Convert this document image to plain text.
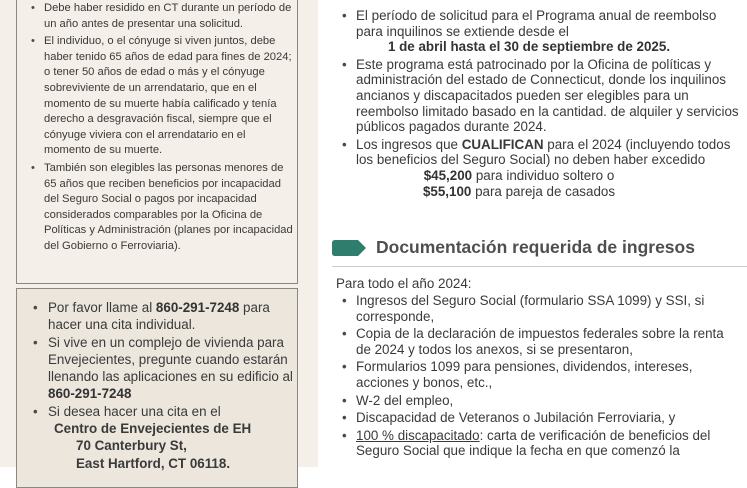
• Debe haber residido en CT durante un período de un año antes de presentar una solicitud.
• El individuo, o el cónyuge si viven juntos, debe haber tenido 65 años de edad para fines de 2024; o tener 50 años de edad o más y el cónyuge sobreviviente de un arrendatario, que en el momento de su muerte había calificado y tenía derecho a desgravación fiscal, siempre que el cónyuge viviera con el arrendatario en el momento de su muerte.
• También son elegibles las personas menores de 65 años que reciben beneficios por incapacidad del Seguro Social o pagos por incapacidad considerados comparables por la Oficina de Políticas y Administración (planes por incapacidad del Gobierno o Ferroviaria).
• Por favor llame al 860-291-7248 para hacer una cita individual.
• Si vive en un complejo de vivienda para Envejecientes, pregunte cuando estarán llenando las aplicaciones en su edificio al 860-291-7248
• Si desea hacer una cita en el
Centro de Envejecientes de EH
70 Canterbury St,
East Hartford, CT 06118.
• El período de solicitud para el Programa anual de reembolso para inquilinos se extiende desde el
1 de abril hasta el 30 de septiembre de 2025.
• Este programa está patrocinado por la Oficina de políticas y administración del estado de Connecticut, donde los inquilinos ancianos y discapacitados pueden ser elegibles para un reembolso limitado basado en la cantidad. de alquiler y servicios públicos pagados durante 2024.
• Los ingresos que CUALIFICAN para el 2024 (incluyendo todos los beneficios del Seguro Social) no deben haber excedido
$45,200 para individuo soltero o
$55,100 para pareja de casados
Documentación requerida de ingresos
Para todo el año 2024:
• Ingresos del Seguro Social (formulario SSA 1099) y SSI, si corresponde,
• Copia de la declaración de impuestos federales sobre la renta de 2024 y todos los anexos, si se presentaron,
• Formularios 1099 para pensiones, dividendos, intereses, acciones y bonos, etc.,
• W-2 del empleo,
• Discapacidad de Veteranos o Jubilación Ferroviaria, y
• 100 % discapacitado: carta de verificación de beneficios del Seguro Social que indique la fecha en que comenzó la
